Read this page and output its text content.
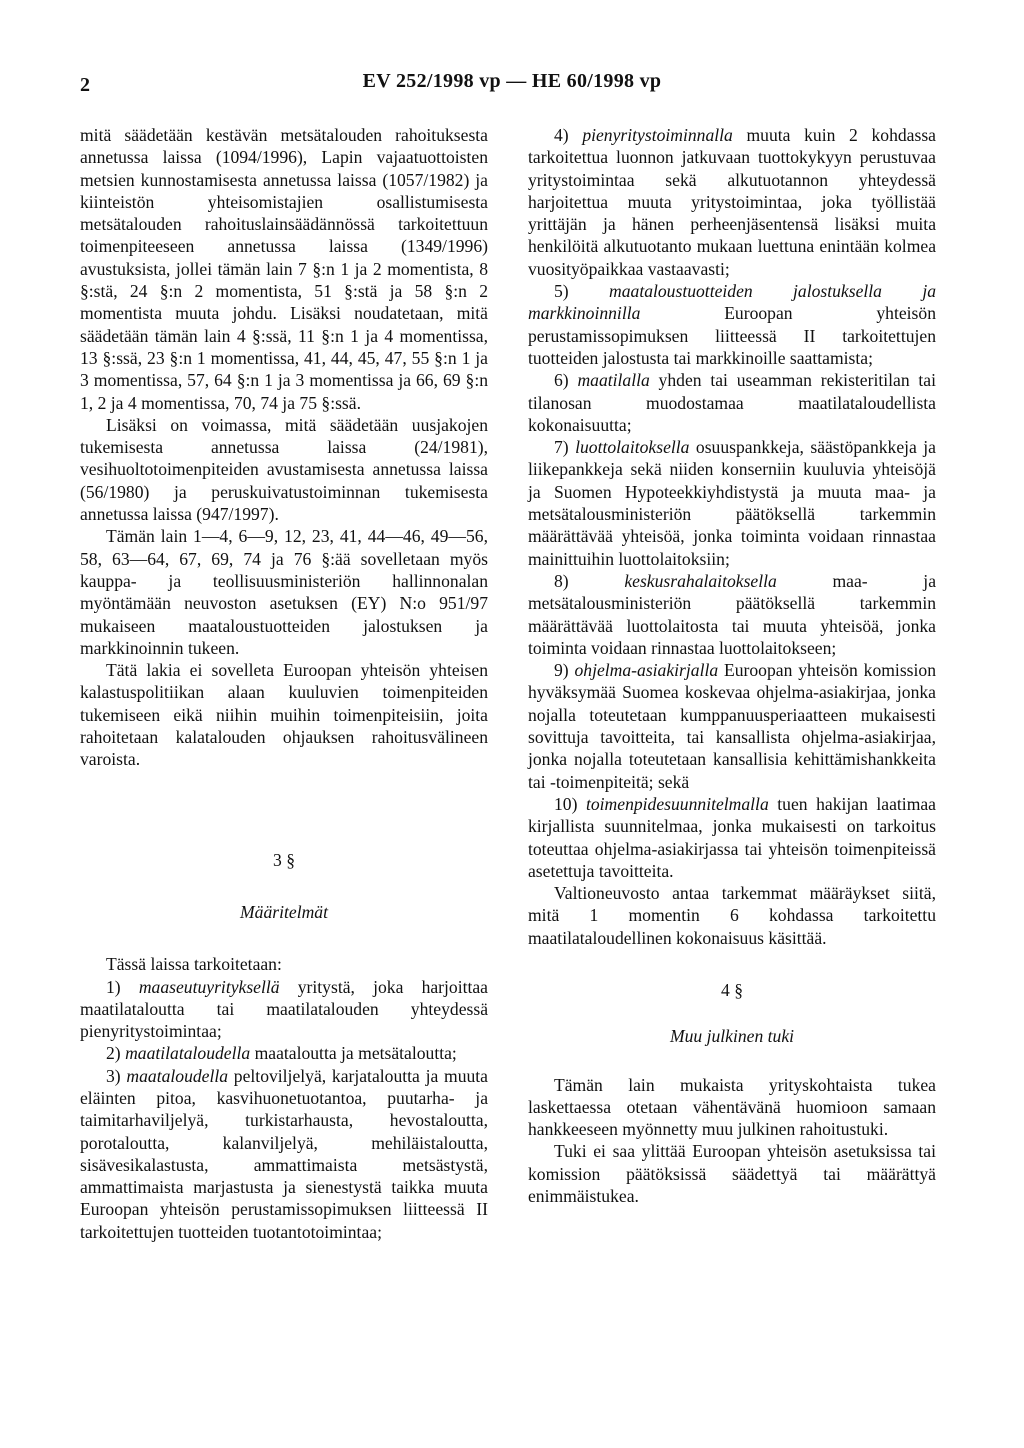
2	EV 252/1998 vp — HE 60/1998 vp

mitä säädetään kestävän metsätalouden rahoituksesta annetussa laissa (1094/1996), Lapin vajaatuottoisten metsien kunnostamisesta annetussa laissa (1057/1982) ja kiinteistön yhteisomistajien osallistumisesta metsätalouden rahoituslainsäädännössä tarkoitettuun toimenpiteeseen annetussa laissa (1349/1996) avustuksista, jollei tämän lain 7 §:n 1 ja 2 momentista, 8 §:stä, 24 §:n 2 momentista, 51 §:stä ja 58 §:n 2 momentista muuta johdu. Lisäksi noudatetaan, mitä säädetään tämän lain 4 §:ssä, 11 §:n 1 ja 4 momentissa, 13 §:ssä, 23 §:n 1 momentissa, 41, 44, 45, 47, 55 §:n 1 ja 3 momentissa, 57, 64 §:n 1 ja 3 momentissa ja 66, 69 §:n 1, 2 ja 4 momentissa, 70, 74 ja 75 §:ssä.

Lisäksi on voimassa, mitä säädetään uusjakojen tukemisesta annetussa laissa (24/1981), vesihuoltotoimenpiteiden avustamisesta annetussa laissa (56/1980) ja peruskuivatustoiminnan tukemisesta annetussa laissa (947/1997).

Tämän lain 1—4, 6—9, 12, 23, 41, 44—46, 49—56, 58, 63—64, 67, 69, 74 ja 76 §:ää sovelletaan myös kauppa- ja teollisuusministeriön hallinnonalan myöntämään neuvoston asetuksen (EY) N:o 951/97 mukaiseen maataloustuotteiden jalostuksen ja markkinoinnin tukeen.

Tätä lakia ei sovelleta Euroopan yhteisön yhteisen kalastuspolitiikan alaan kuuluvien toimenpiteiden tukemiseen eikä niihin muihin toimenpiteisiin, joita rahoitetaan kalatalouden ohjauksen rahoitusvälineen varoista.

3 §

Määritelmät

Tässä laissa tarkoitetaan:

1) maaseutuyrityksellä yritystä, joka harjoittaa maatilataloutta tai maatilatalouden yhteydessä pienyritystoimintaa;

2) maatilataloudella maataloutta ja metsätaloutta;

3) maataloudella peltoviljelyä, karjataloutta ja muuta eläinten pitoa, kasvihuonetuotantoa, puutarha- ja taimitarhaviljelyä, turkistarhausta, hevostaloutta, porotaloutta, kalanviljelyä, mehiläistaloutta, sisävesikalastusta, ammattimaista metsästystä, ammattimaista marjastusta ja sienestystä taikka muuta Euroopan yhteisön perustamissopimuksen liitteessä II tarkoitettujen tuotteiden tuotantotoimintaa;

4) pienyritystoiminnalla muuta kuin 2 kohdassa tarkoitettua luonnon jatkuvaan tuottokykyyn perustuvaa yritystoimintaa sekä alkutuotannon yhteydessä harjoitettua muuta yritystoimintaa, joka työllistää yrittäjän ja hänen perheenjäsentensä lisäksi muita henkilöitä alkutuotanto mukaan luettuna enintään kolmea vuosityöpaikkaa vastaavasti;

5) maataloustuotteiden jalostuksella ja markkinoinnilla Euroopan yhteisön perustamissopimuksen liitteessä II tarkoitettujen tuotteiden jalostusta tai markkinoille saattamista;

6) maatilalla yhden tai useamman rekisteritilan tai tilanosan muodostamaa maatilataloudellista kokonaisuutta;

7) luottolaitoksella osuuspankkeja, säästöpankkeja ja liikepankkeja sekä niiden konserniin kuuluvia yhteisöjä ja Suomen Hypoteekkiyhdistystä ja muuta maa- ja metsätalousministeriön päätöksellä tarkemmin määrättävää yhteisöä, jonka toiminta voidaan rinnastaa mainittuihin luottolaitoksiin;

8) keskusrahalaitoksella maa- ja metsätalousministeriön päätöksellä tarkemmin määrättävää luottolaitosta tai muuta yhteisöä, jonka toiminta voidaan rinnastaa luottolaitokseen;

9) ohjelma-asiakirjalla Euroopan yhteisön komission hyväksymää Suomea koskevaa ohjelma-asiakirjaa, jonka nojalla toteutetaan kumppanuusperiaatteen mukaisesti sovittuja tavoitteita, tai kansallista ohjelma-asiakirjaa, jonka nojalla toteutetaan kansallisia kehittämishankkeita tai -toimenpiteitä; sekä

10) toimenpidesuunnitelmalla tuen hakijan laatimaa kirjallista suunnitelmaa, jonka mukaisesti on tarkoitus toteuttaa ohjelma-asiakirjassa tai yhteisön toimenpiteissä asetettuja tavoitteita.

Valtioneuvosto antaa tarkemmat määräykset siitä, mitä 1 momentin 6 kohdassa tarkoitettu maatilataloudellinen kokonaisuus käsittää.

4 §

Muu julkinen tuki

Tämän lain mukaista yrityskohtaista tukea laskettaessa otetaan vähentävänä huomioon samaan hankkeeseen myönnetty muu julkinen rahoitustuki.

Tuki ei saa ylittää Euroopan yhteisön asetuksissa tai komission päätöksissä säädettyä tai määrättyä enimmäistukea.
